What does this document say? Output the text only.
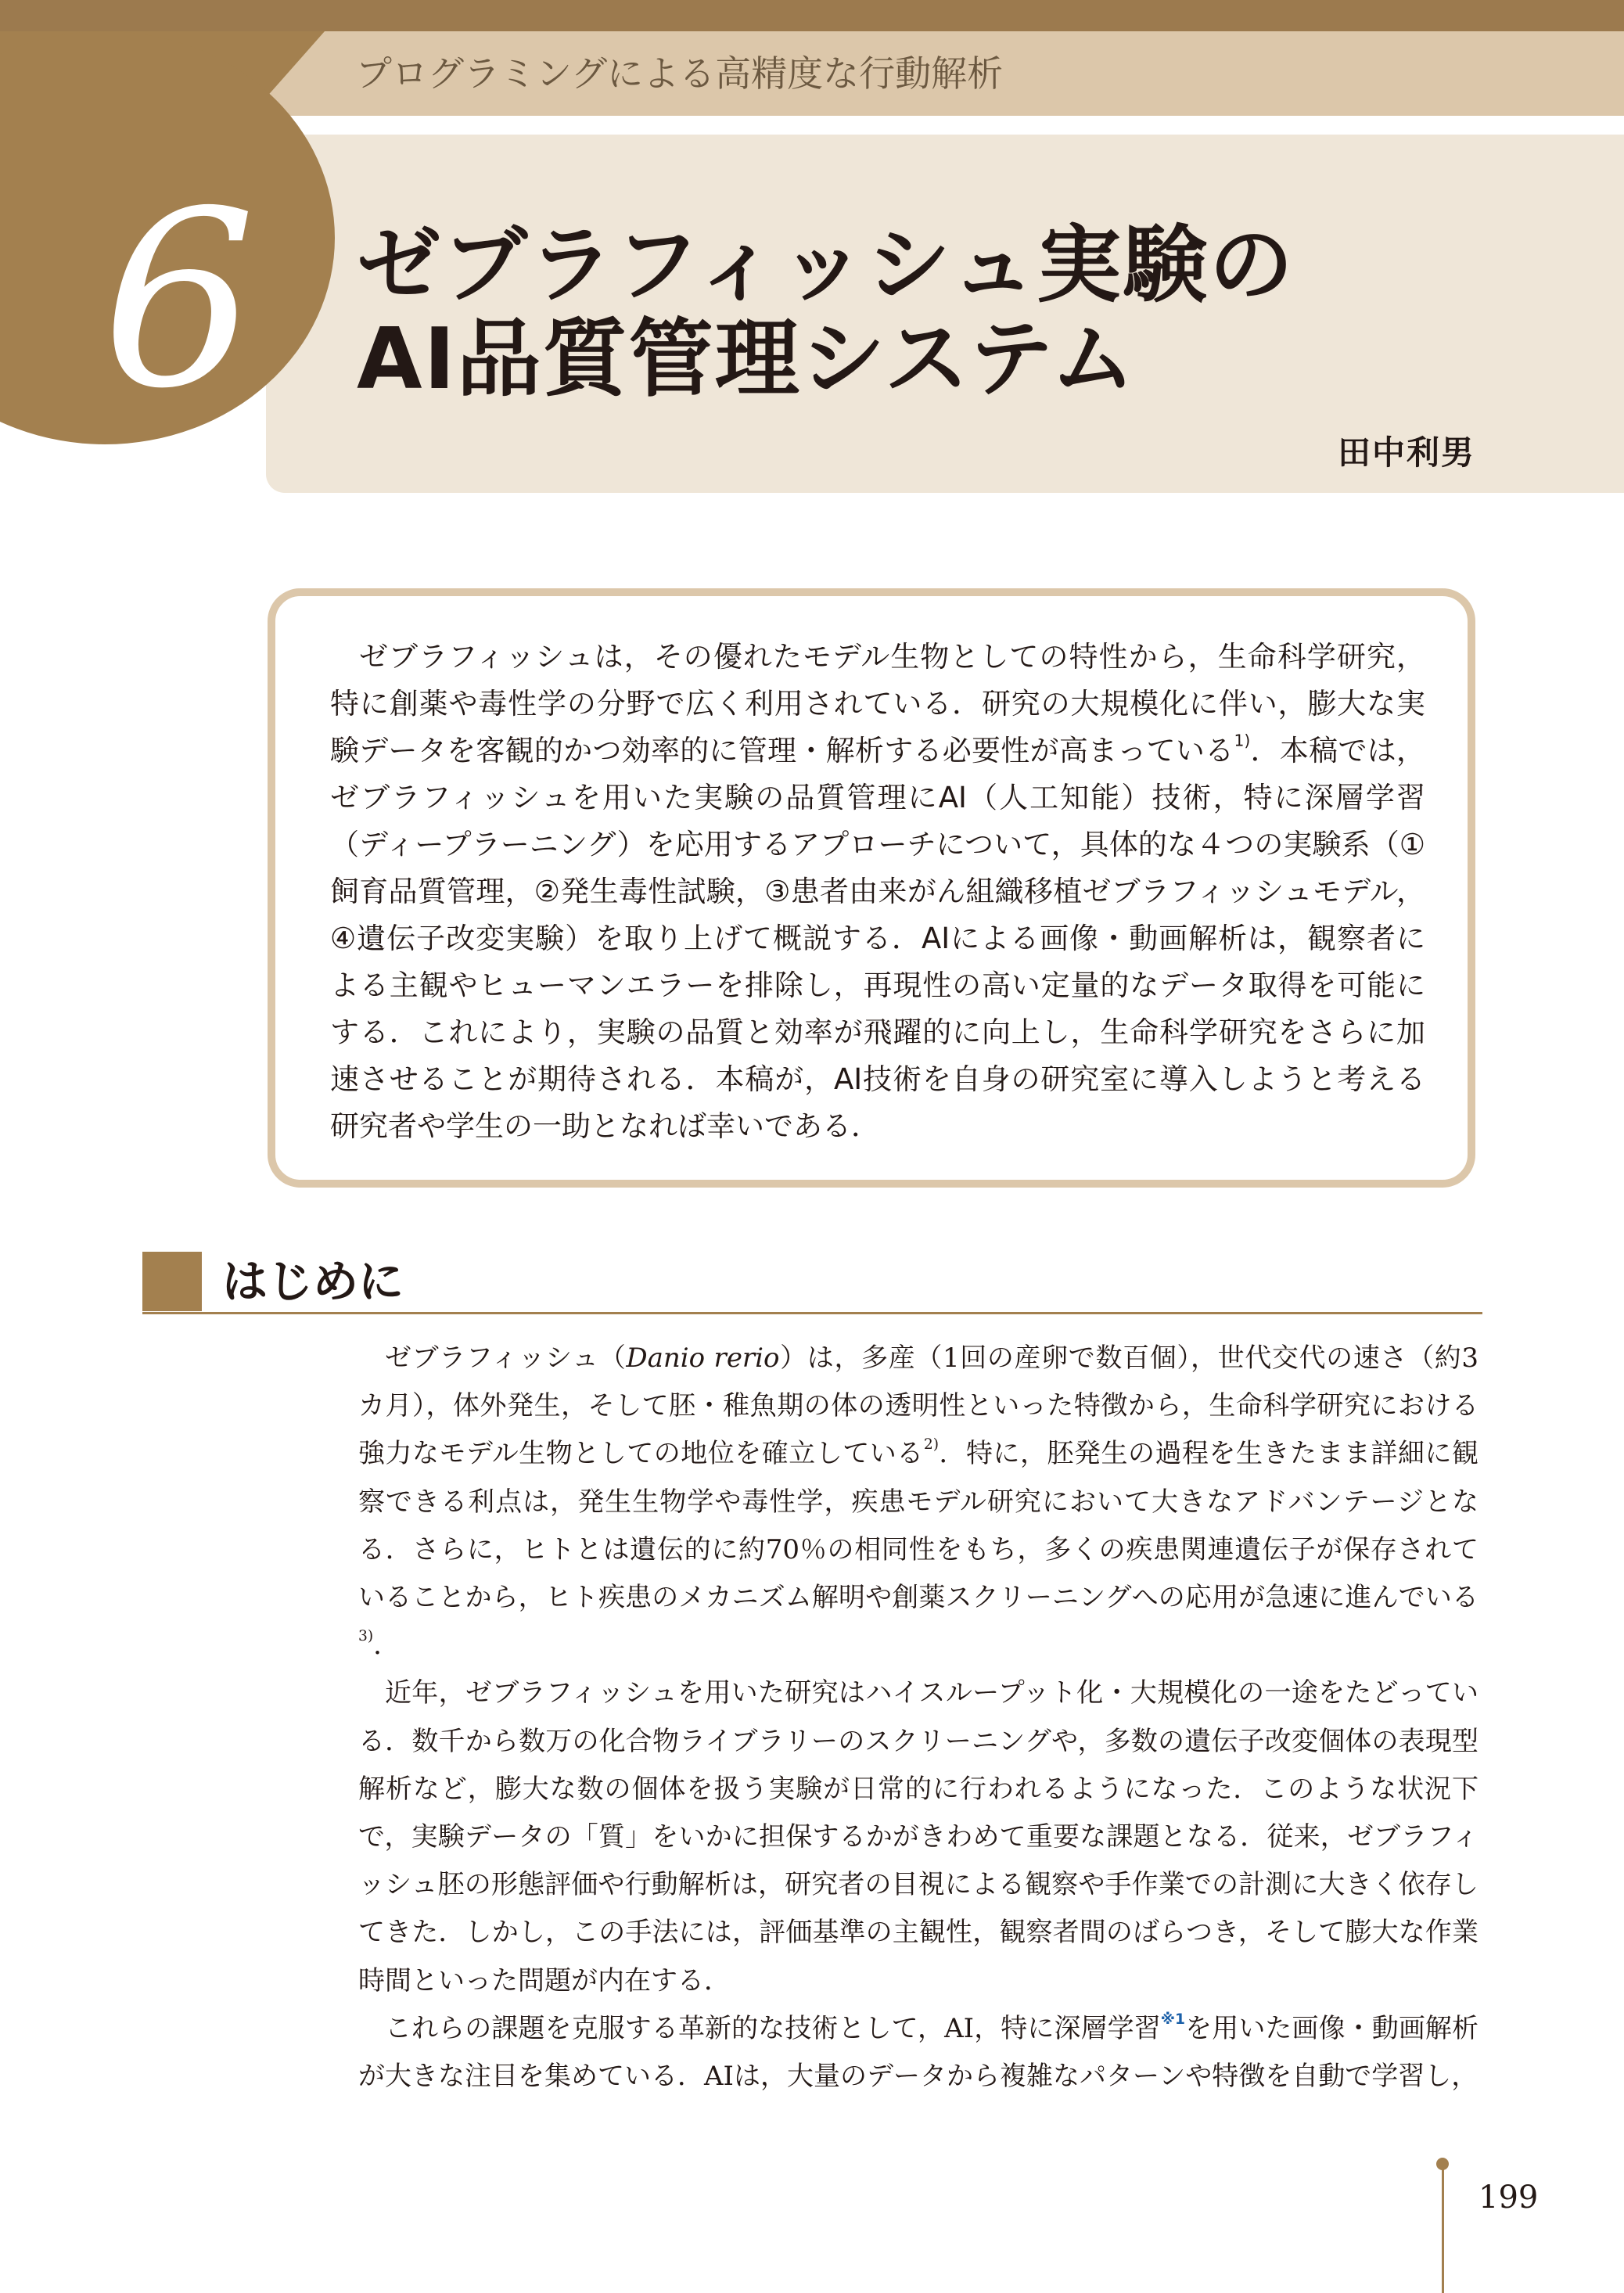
プログラミングによる高精度な行動解析
6 ゼブラフィッシュ実験の
AI品質管理システム
田中利男
ゼブラフィッシュは，その優れたモデル生物としての特性から，生命科学研究，特に創薬や毒性学の分野で広く利用されている．研究の大規模化に伴い，膨大な実験データを客観的かつ効率的に管理・解析する必要性が高まっている$^{1)}$．本稿では，ゼブラフィッシュを用いた実験の品質管理にAI（人工知能）技術，特に深層学習（ディープラーニング）を応用するアプローチについて，具体的な４つの実験系（①飼育品質管理，②発生毒性試験，③患者由来がん組織移植ゼブラフィッシュモデル，④遺伝子改変実験）を取り上げて概説する．AIによる画像・動画解析は，観察者による主観やヒューマンエラーを排除し，再現性の高い定量的なデータ取得を可能にする．これにより，実験の品質と効率が飛躍的に向上し，生命科学研究をさらに加速させることが期待される．本稿が，AI技術を自身の研究室に導入しようと考える研究者や学生の一助となれば幸いである．
はじめに

ゼブラフィッシュ（Danio rerio）は，多産（1回の産卵で数百個），世代交代の速さ（約3カ月），体外発生，そして胚・稚魚期の体の透明性といった特徴から，生命科学研究における強力なモデル生物としての地位を確立している$^{2)}$．特に，胚発生の過程を生きたまま詳細に観察できる利点は，発生生物学や毒性学，疾患モデル研究において大きなアドバンテージとなる．さらに，ヒトとは遺伝的に約70％の相同性をもち，多くの疾患関連遺伝子が保存されていることから，ヒト疾患のメカニズム解明や創薬スクリーニングへの応用が急速に進んでいる$^{3)}$．

近年，ゼブラフィッシュを用いた研究はハイスループット化・大規模化の一途をたどっている．数千から数万の化合物ライブラリーのスクリーニングや，多数の遺伝子改変個体の表現型解析など，膨大な数の個体を扱う実験が日常的に行われるようになった．このような状況下で，実験データの「質」をいかに担保するかがきわめて重要な課題となる．従来，ゼブラフィッシュ胚の形態評価や行動解析は，研究者の目視による観察や手作業での計測に大きく依存してきた．しかし，この手法には，評価基準の主観性，観察者間のばらつき，そして膨大な作業時間といった問題が内在する．

これらの課題を克服する革新的な技術として，AI，特に深層学習$^{※1}$を用いた画像・動画解析が大きな注目を集めている．AIは，大量のデータから複雑なパターンや特徴を自動で学習し，

199
